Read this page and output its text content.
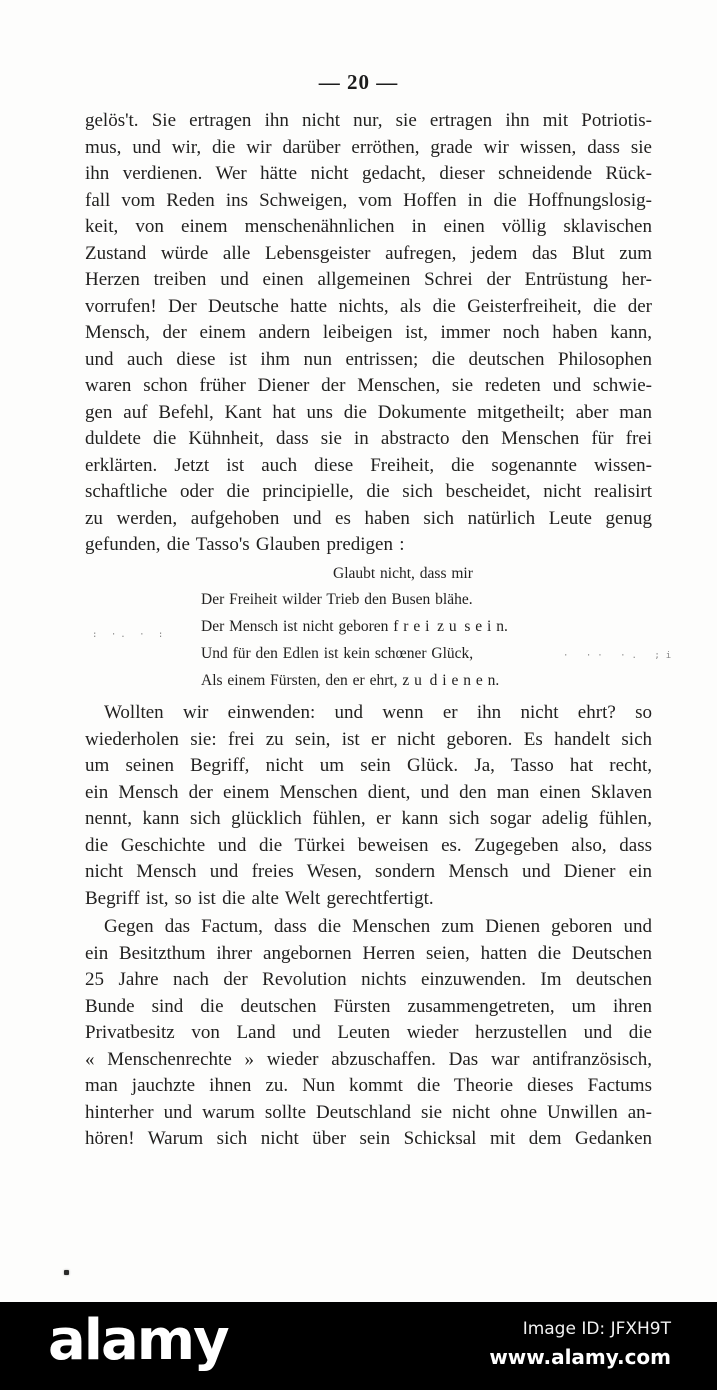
— 20 —
gelös't. Sie ertragen ihn nicht nur, sie ertragen ihn mit Potriotis-
mus, und wir, die wir darüber erröthen, grade wir wissen, dass sie
ihn verdienen. Wer hätte nicht gedacht, dieser schneidende Rück-
fall vom Reden ins Schweigen, vom Hoffen in die Hoffnungslosig-
keit, von einem menschenähnlichen in einen völlig sklavischen
Zustand würde alle Lebensgeister aufregen, jedem das Blut zum
Herzen treiben und einen allgemeinen Schrei der Entrüstung her-
vorrufen! Der Deutsche hatte nichts, als die Geisterfreiheit, die der
Mensch, der einem andern leibeigen ist, immer noch haben kann,
und auch diese ist ihm nun entrissen; die deutschen Philosophen
waren schon früher Diener der Menschen, sie redeten und schwie-
gen auf Befehl, Kant hat uns die Dokumente mitgetheilt; aber man
duldete die Kühnheit, dass sie in abstracto den Menschen für frei
erklärten. Jetzt ist auch diese Freiheit, die sogenannte wissen-
schaftliche oder die principielle, die sich bescheidet, nicht realisirt
zu werden, aufgehoben und es haben sich natürlich Leute genug
gefunden, die Tasso's Glauben predigen :
Glaubt nicht, dass mir
Der Freiheit wilder Trieb den Busen blähe.
Der Mensch ist nicht geboren f r e i z u s e i n.
Und für den Edlen ist kein schœner Glück,
Als einem Fürsten, den er ehrt, z u d i e n e n.
Wollten wir einwenden: und wenn er ihn nicht ehrt? so
wiederholen sie: frei zu sein, ist er nicht geboren. Es handelt sich
um seinen Begriff, nicht um sein Glück. Ja, Tasso hat recht,
ein Mensch der einem Menschen dient, und den man einen Sklaven
nennt, kann sich glücklich fühlen, er kann sich sogar adelig fühlen,
die Geschichte und die Türkei beweisen es. Zugegeben also, dass
nicht Mensch und freies Wesen, sondern Mensch und Diener ein
Begriff ist, so ist die alte Welt gerechtfertigt.
Gegen das Factum, dass die Menschen zum Dienen geboren und
ein Besitzthum ihrer angebornen Herren seien, hatten die Deutschen
25 Jahre nach der Revolution nichts einzuwenden. Im deutschen
Bunde sind die deutschen Fürsten zusammengetreten, um ihren
Privatbesitz von Land und Leuten wieder herzustellen und die
« Menschenrechte » wieder abzuschaffen. Das war antifranzösisch,
man jauchzte ihnen zu. Nun kommt die Theorie dieses Factums
hinterher und warum sollte Deutschland sie nicht ohne Unwillen an-
hören! Warum sich nicht über sein Schicksal mit dem Gedanken
: ·. · :
· ·· ·. ;i
alamy	Image ID: JFXH9T
www.alamy.com
